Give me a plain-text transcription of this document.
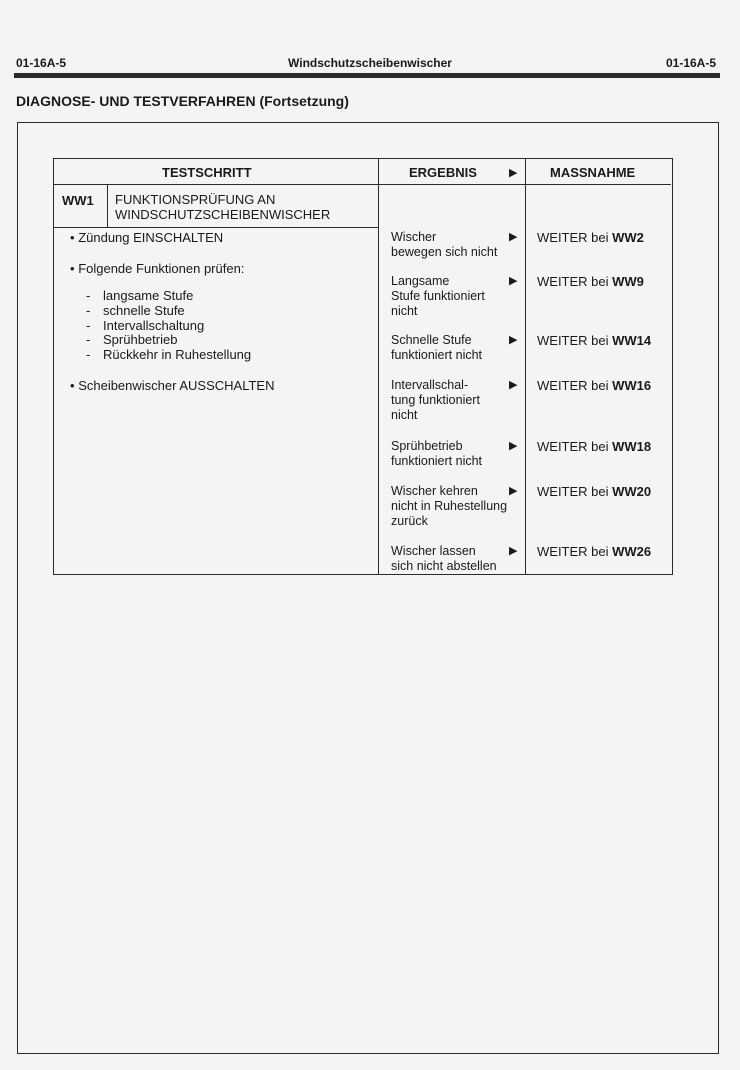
01-16A-5	Windschutzscheibenwischer	01-16A-5
DIAGNOSE- UND TESTVERFAHREN (Fortsetzung)
TESTSCHRITT	ERGEBNIS	▶	MASSNAHME
WW1 FUNKTIONSPRÜFUNG AN
WINDSCHUTZSCHEIBENWISCHER
• Zündung EINSCHALTEN
• Folgende Funktionen prüfen:
- langsame Stufe
- schnelle Stufe
- Intervallschaltung
- Sprühbetrieb
- Rückkehr in Ruhestellung
• Scheibenwischer AUSSCHALTEN
Wischer
bewegen sich nicht
▶ WEITER bei WW2
Langsame
Stufe funktioniert
nicht
▶ WEITER bei WW9
Schnelle Stufe
funktioniert nicht
▶ WEITER bei WW14
Intervallschal-
tung funktioniert
nicht
▶ WEITER bei WW16
Sprühbetrieb
funktioniert nicht
▶ WEITER bei WW18
Wischer kehren
nicht in Ruhestellung
zurück
▶ WEITER bei WW20
Wischer lassen
sich nicht abstellen
▶ WEITER bei WW26
